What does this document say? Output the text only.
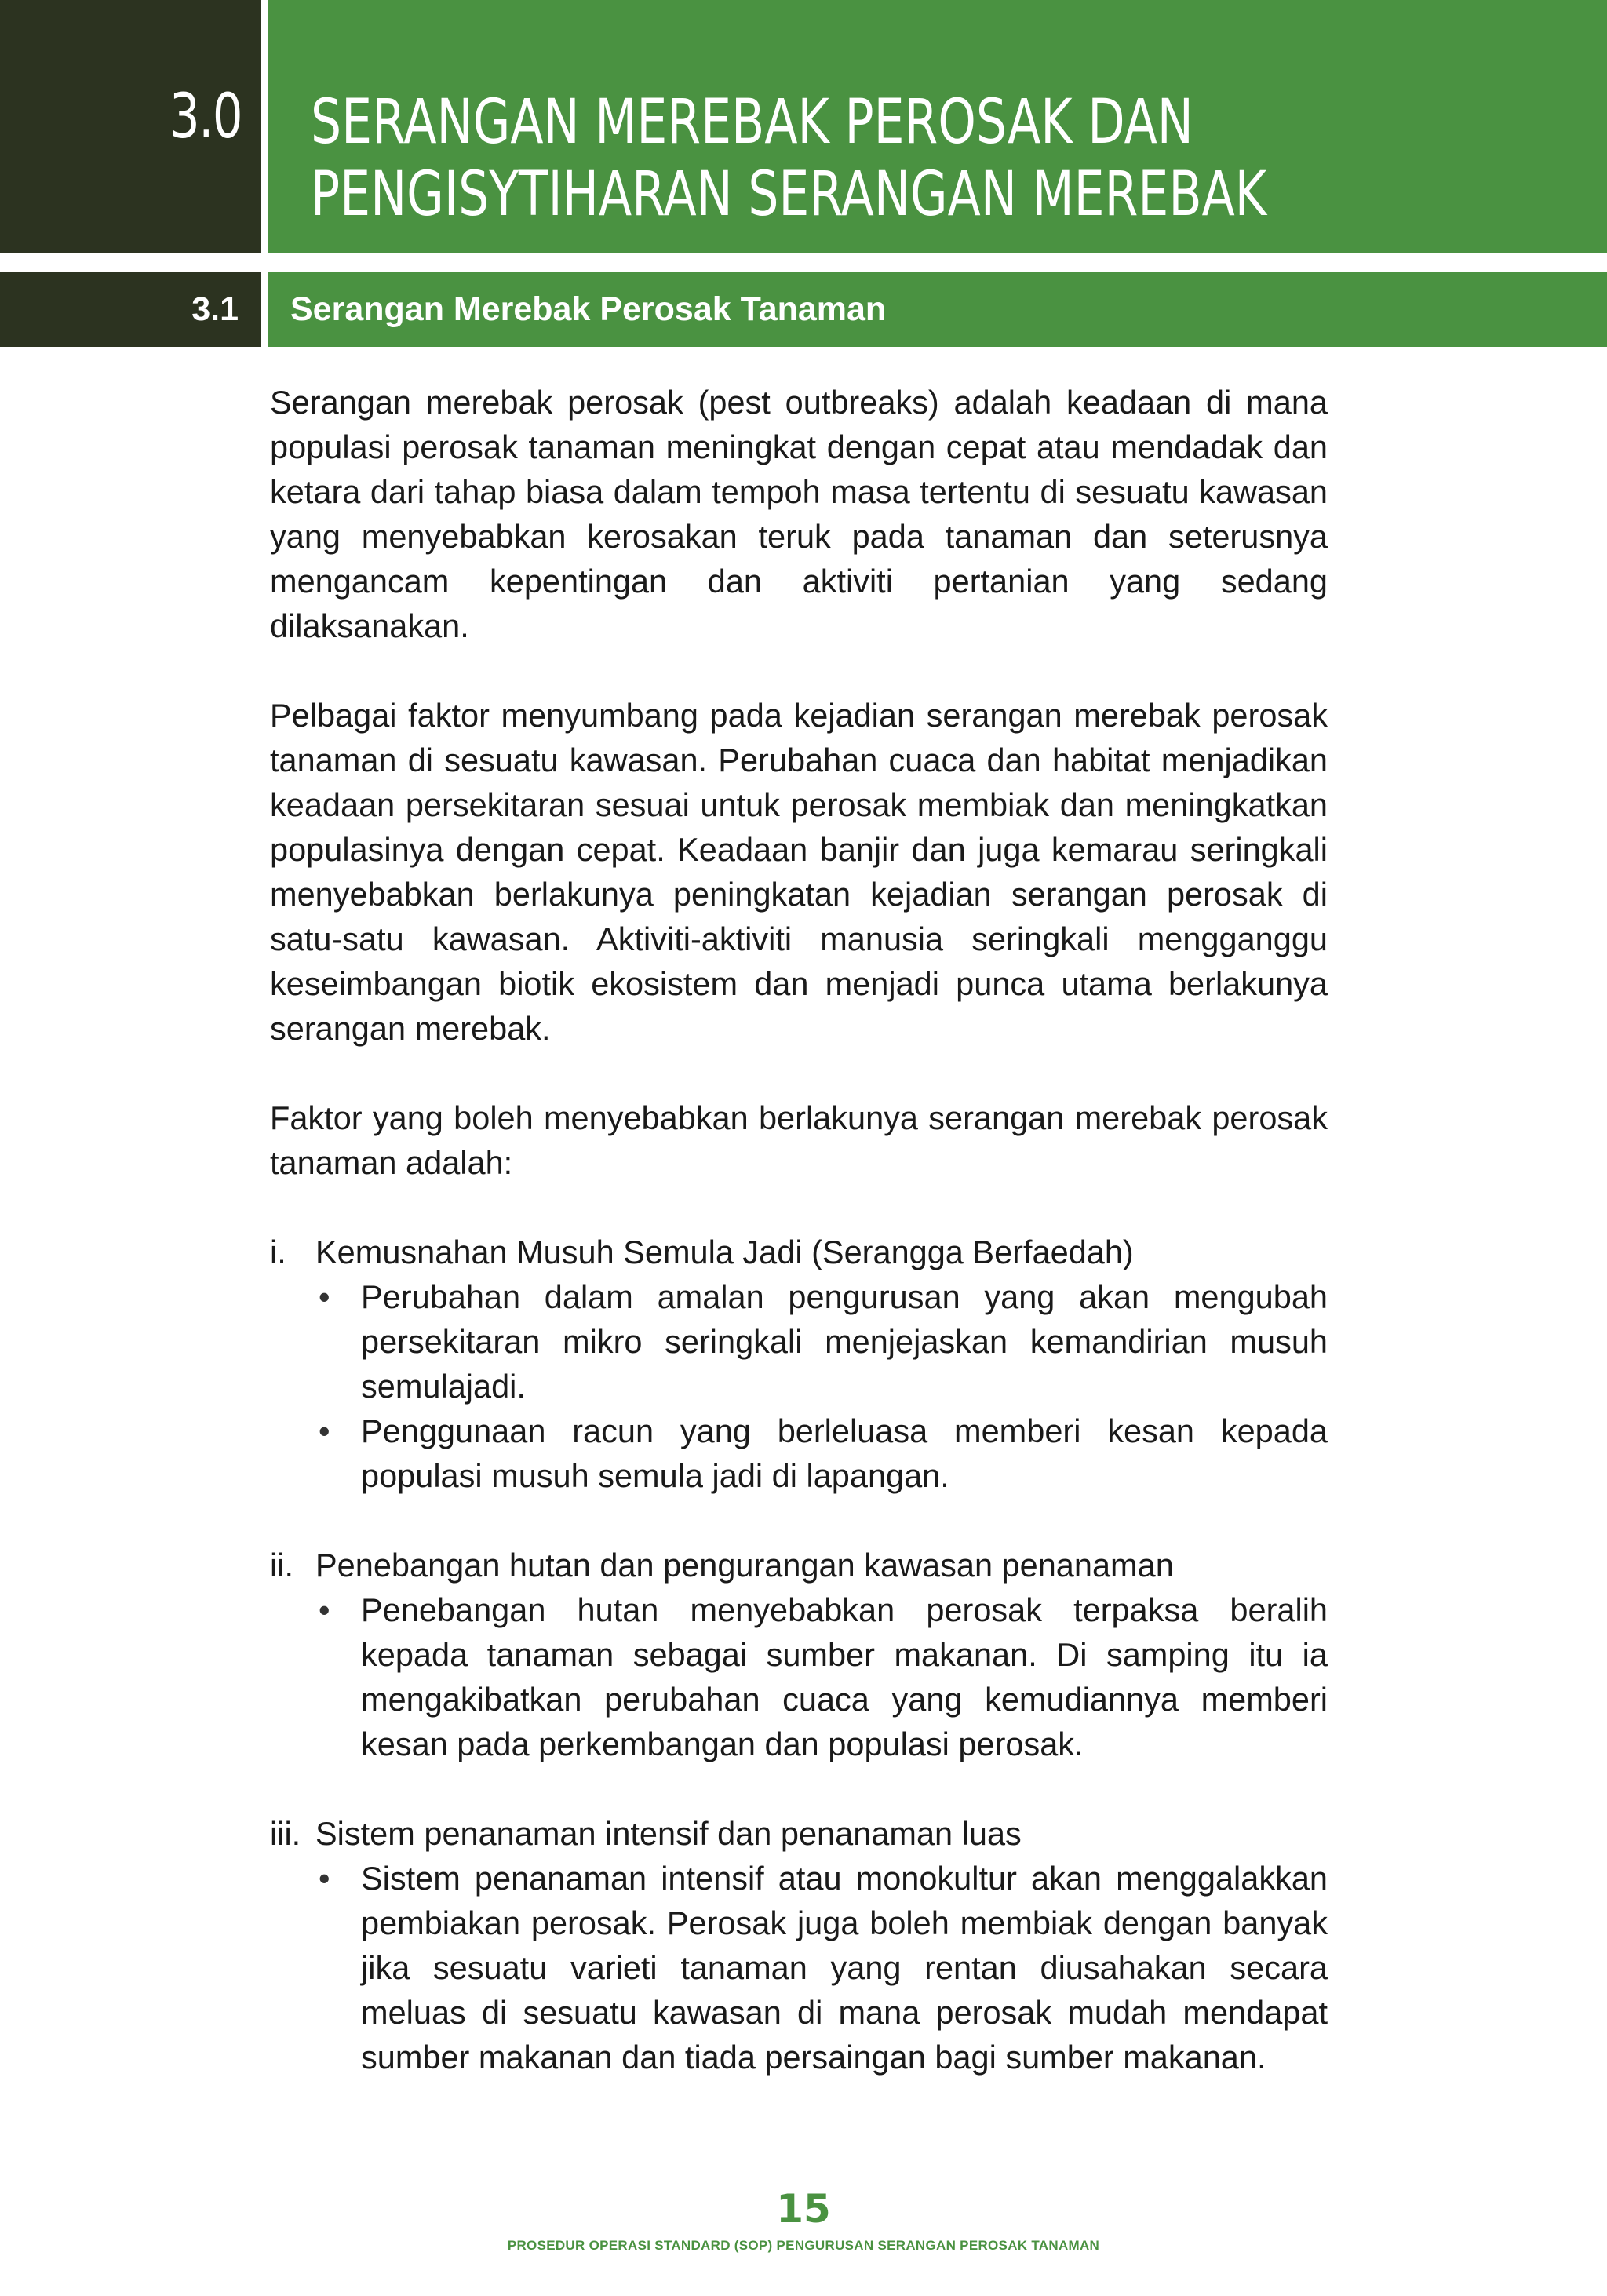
3.0 SERANGAN MEREBAK PEROSAK DAN
PENGISYTIHARAN SERANGAN MEREBAK
3.1 Serangan Merebak Perosak Tanaman

Serangan merebak perosak (pest outbreaks) adalah keadaan di mana populasi perosak tanaman meningkat dengan cepat atau mendadak dan ketara dari tahap biasa dalam tempoh masa tertentu di sesuatu kawasan yang menyebabkan kerosakan teruk pada tanaman dan seterusnya mengancam kepentingan dan aktiviti pertanian yang sedang dilaksanakan.

Pelbagai faktor menyumbang pada kejadian serangan merebak perosak tanaman di sesuatu kawasan. Perubahan cuaca dan habitat menjadikan keadaan persekitaran sesuai untuk perosak membiak dan meningkatkan populasinya dengan cepat. Keadaan banjir dan juga kemarau seringkali menyebabkan berlakunya peningkatan kejadian serangan perosak di satu-satu kawasan. Aktiviti-aktiviti manusia seringkali mengganggu keseimbangan biotik ekosistem dan menjadi punca utama berlakunya serangan merebak.

Faktor yang boleh menyebabkan berlakunya serangan merebak perosak tanaman adalah:

i. Kemusnahan Musuh Semula Jadi (Serangga Berfaedah)
• Perubahan dalam amalan pengurusan yang akan mengubah persekitaran mikro seringkali menjejaskan kemandirian musuh semulajadi.
• Penggunaan racun yang berleluasa memberi kesan kepada populasi musuh semula jadi di lapangan.
ii. Penebangan hutan dan pengurangan kawasan penanaman
• Penebangan hutan menyebabkan perosak terpaksa beralih kepada tanaman sebagai sumber makanan. Di samping itu ia mengakibatkan perubahan cuaca yang kemudiannya memberi kesan pada perkembangan dan populasi perosak.
iii. Sistem penanaman intensif dan penanaman luas
• Sistem penanaman intensif atau monokultur akan menggalakkan pembiakan perosak. Perosak juga boleh membiak dengan banyak jika sesuatu varieti tanaman yang rentan diusahakan secara meluas di sesuatu kawasan di mana perosak mudah mendapat sumber makanan dan tiada persaingan bagi sumber makanan.
15
PROSEDUR OPERASI STANDARD (SOP) PENGURUSAN SERANGAN PEROSAK TANAMAN
